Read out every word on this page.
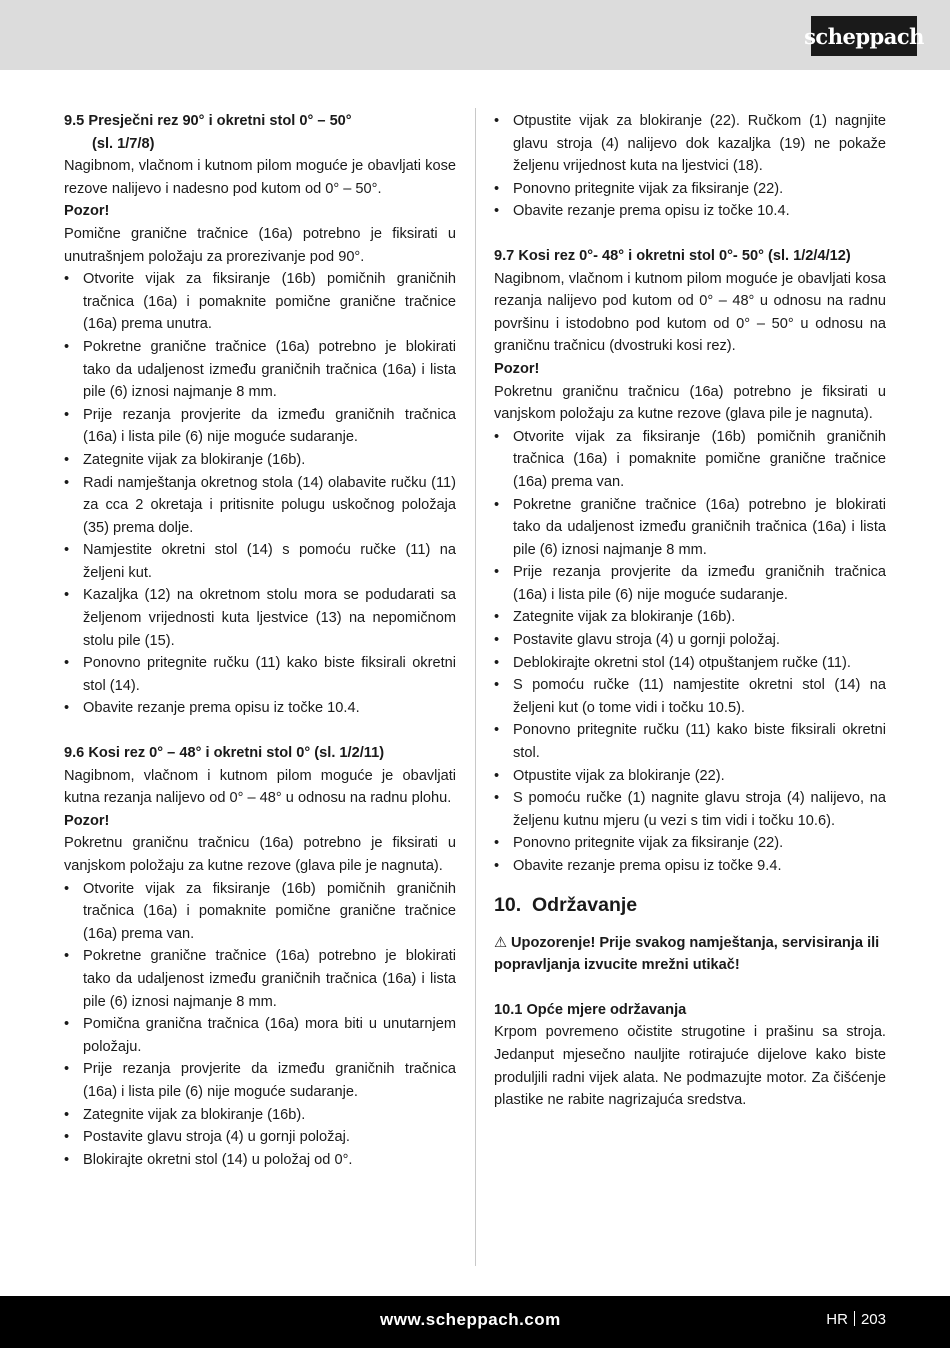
scheppach
9.5 Presječni rez 90° i okretni stol 0° – 50°
(sl. 1/7/8)
Nagibnom, vlačnom i kutnom pilom moguće je obavljati kose rezove nalijevo i nadesno pod kutom od 0° – 50°.
Pozor!
Pomične granične tračnice (16a) potrebno je fiksirati u unutrašnjem položaju za prorezivanje pod 90°.
• Otvorite vijak za fiksiranje (16b) pomičnih graničnih tračnica (16a) i pomaknite pomične granične tračnice (16a) prema unutra.
• Pokretne granične tračnice (16a) potrebno je blokirati tako da udaljenost između graničnih tračnica (16a) i lista pile (6) iznosi najmanje 8 mm.
• Prije rezanja provjerite da između graničnih tračnica (16a) i lista pile (6) nije moguće sudaranje.
• Zategnite vijak za blokiranje (16b).
• Radi namještanja okretnog stola (14) olabavite ručku (11) za cca 2 okretaja i pritisnite polugu uskočnog položaja (35) prema dolje.
• Namjestite okretni stol (14) s pomoću ručke (11) na željeni kut.
• Kazaljka (12) na okretnom stolu mora se podudarati sa željenom vrijednosti kuta ljestvice (13) na nepomičnom stolu pile (15).
• Ponovno pritegnite ručku (11) kako biste fiksirali okretni stol (14).
• Obavite rezanje prema opisu iz točke 10.4.
9.6 Kosi rez 0° – 48° i okretni stol 0° (sl. 1/2/11)
Nagibnom, vlačnom i kutnom pilom moguće je obavljati kutna rezanja nalijevo od 0° – 48° u odnosu na radnu plohu.
Pozor!
Pokretnu graničnu tračnicu (16a) potrebno je fiksirati u vanjskom položaju za kutne rezove (glava pile je nagnuta).
• Otvorite vijak za fiksiranje (16b) pomičnih graničnih tračnica (16a) i pomaknite pomične granične tračnice (16a) prema van.
• Pokretne granične tračnice (16a) potrebno je blokirati tako da udaljenost između graničnih tračnica (16a) i lista pile (6) iznosi najmanje 8 mm.
• Pomična granična tračnica (16a) mora biti u unutarnjem položaju.
• Prije rezanja provjerite da između graničnih tračnica (16a) i lista pile (6) nije moguće sudaranje.
• Zategnite vijak za blokiranje (16b).
• Postavite glavu stroja (4) u gornji položaj.
• Blokirajte okretni stol (14) u položaj od 0°.
• Otpustite vijak za blokiranje (22). Ručkom (1) nagnjite glavu stroja (4) nalijevo dok kazaljka (19) ne pokaže željenu vrijednost kuta na ljestvici (18).
• Ponovno pritegnite vijak za fiksiranje (22).
• Obavite rezanje prema opisu iz točke 10.4.
9.7 Kosi rez 0°- 48° i okretni stol 0°- 50° (sl. 1/2/4/12)
Nagibnom, vlačnom i kutnom pilom moguće je obavljati kosa rezanja nalijevo pod kutom od 0° – 48° u odnosu na radnu površinu i istodobno pod kutom od 0° – 50° u odnosu na graničnu tračnicu (dvostruki kosi rez).
Pozor!
Pokretnu graničnu tračnicu (16a) potrebno je fiksirati u vanjskom položaju za kutne rezove (glava pile je nagnuta).
• Otvorite vijak za fiksiranje (16b) pomičnih graničnih tračnica (16a) i pomaknite pomične granične tračnice (16a) prema van.
• Pokretne granične tračnice (16a) potrebno je blokirati tako da udaljenost između graničnih tračnica (16a) i lista pile (6) iznosi najmanje 8 mm.
• Prije rezanja provjerite da između graničnih tračnica (16a) i lista pile (6) nije moguće sudaranje.
• Zategnite vijak za blokiranje (16b).
• Postavite glavu stroja (4) u gornji položaj.
• Deblokirajte okretni stol (14) otpuštanjem ručke (11).
• S pomoću ručke (11) namjestite okretni stol (14) na željeni kut (o tome vidi i točku 10.5).
• Ponovno pritegnite ručku (11) kako biste fiksirali okretni stol.
• Otpustite vijak za blokiranje (22).
• S pomoću ručke (1) nagnite glavu stroja (4) nalijevo, na željenu kutnu mjeru (u vezi s tim vidi i točku 10.6).
• Ponovno pritegnite vijak za fiksiranje (22).
• Obavite rezanje prema opisu iz točke 9.4.
10. Održavanje
⚠ Upozorenje! Prije svakog namještanja, servisiranja ili popravljanja izvucite mrežni utikač!
10.1 Opće mjere održavanja
Krpom povremeno očistite strugotine i prašinu sa stroja. Jedanput mjesečno nauljite rotirajuće dijelove kako biste produljili radni vijek alata. Ne podmazujte motor. Za čišćenje plastike ne rabite nagrizajuća sredstva.
www.scheppach.com	HR 203
